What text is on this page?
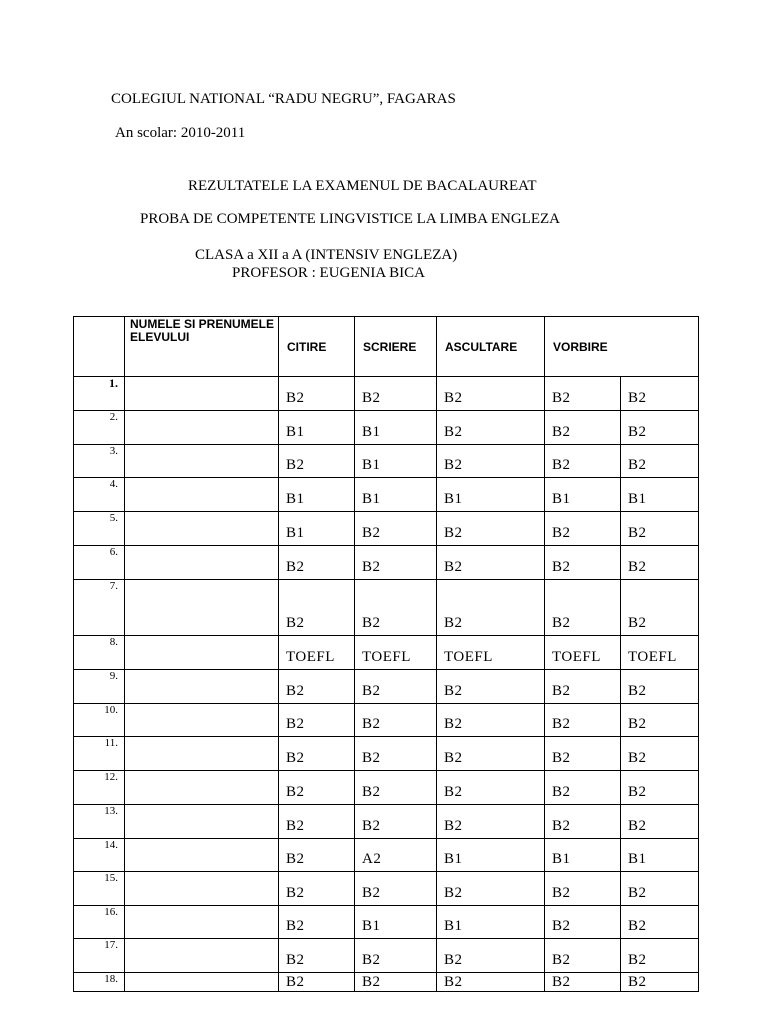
COLEGIUL NATIONAL “RADU NEGRU”, FAGARAS
An scolar: 2010-2011
REZULTATELE LA EXAMENUL DE BACALAUREAT
PROBA DE COMPETENTE LINGVISTICE LA LIMBA ENGLEZA
CLASA a XII a A (INTENSIV ENGLEZA)
PROFESOR : EUGENIA BICA
	NUMELE SI PRENUMELE ELEVULUI	CITIRE	SCRIERE	ASCULTARE	VORBIRE	
1.		B2	B2	B2	B2	B2
2.		B1	B1	B2	B2	B2
3.		B2	B1	B2	B2	B2
4.		B1	B1	B1	B1	B1
5.		B1	B2	B2	B2	B2
6.		B2	B2	B2	B2	B2
7.		B2	B2	B2	B2	B2
8.		TOEFL	TOEFL	TOEFL	TOEFL	TOEFL
9.		B2	B2	B2	B2	B2
10.		B2	B2	B2	B2	B2
11.		B2	B2	B2	B2	B2
12.		B2	B2	B2	B2	B2
13.		B2	B2	B2	B2	B2
14.		B2	A2	B1	B1	B1
15.		B2	B2	B2	B2	B2
16.		B2	B1	B1	B2	B2
17.		B2	B2	B2	B2	B2
18.		B2	B2	B2	B2	B2
